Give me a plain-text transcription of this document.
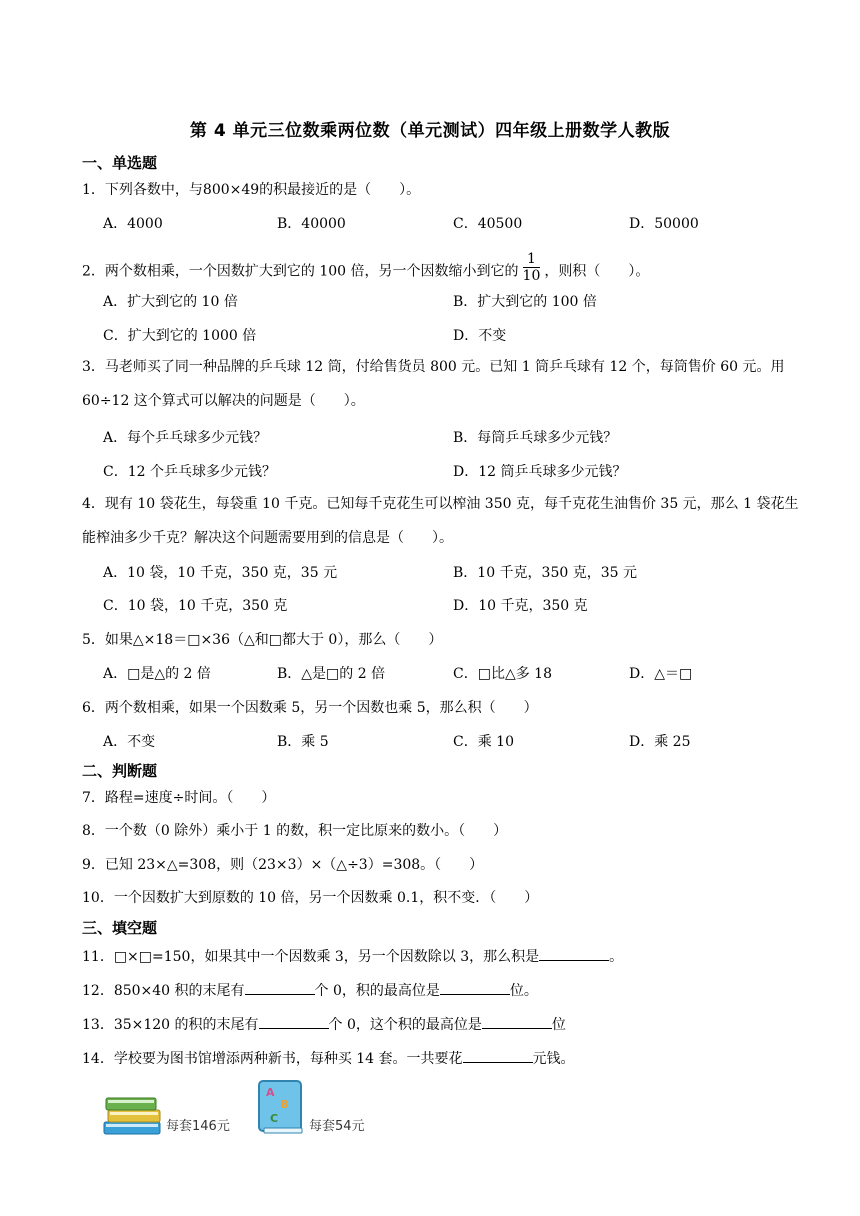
第 4 单元三位数乘两位数（单元测试）四年级上册数学人教版
一、单选题
1．下列各数中，与800×49的积最接近的是（　　）。
A．4000	B．40000	C．40500	D．50000
2．两个数相乘，一个因数扩大到它的 100 倍，另一个因数缩小到它的 $\frac{1}{10}$ ，则积（　　）。
A．扩大到它的 10 倍	B．扩大到它的 100 倍
C．扩大到它的 1000 倍	D．不变
3．马老师买了同一种品牌的乒乓球 12 筒，付给售货员 800 元。已知 1 筒乒乓球有 12 个，每筒售价 60 元。用 60÷12 这个算式可以解决的问题是（　　）。
A．每个乒乓球多少元钱？	B．每筒乒乓球多少元钱？
C．12 个乒乓球多少元钱？	D．12 筒乒乓球多少元钱？
4．现有 10 袋花生，每袋重 10 千克。已知每千克花生可以榨油 350 克，每千克花生油售价 35 元，那么 1 袋花生能榨油多少千克？解决这个问题需要用到的信息是（　　）。
A．10 袋，10 千克，350 克，35 元	B．10 千克，350 克，35 元
C．10 袋，10 千克，350 克	D．10 千克，350 克
5．如果△×18＝□×36（△和□都大于 0），那么（　　）
A．□是△的 2 倍	B．△是□的 2 倍	C．□比△多 18	D．△＝□
6．两个数相乘，如果一个因数乘 5，另一个因数也乘 5，那么积（　　）
A．不变	B．乘 5	C．乘 10	D．乘 25
二、判断题
7．路程=速度÷时间。（　　）
8．一个数（0 除外）乘小于 1 的数，积一定比原来的数小。（　　）
9．已知 23×△=308，则（23×3）×（△÷3）=308。（　　）
10．一个因数扩大到原数的 10 倍，另一个因数乘 0.1，积不变．（　　）
三、填空题
11．□×□=150，如果其中一个因数乘 3，另一个因数除以 3，那么积是	。
12．850×40 积的末尾有	个 0，积的最高位是	位。
13．35×120 的积的末尾有	个 0，这个积的最高位是	位
14．学校要为图书馆增添两种新书，每种买 14 套。一共要花	元钱。
每套146元
A
B
C
每套54元
